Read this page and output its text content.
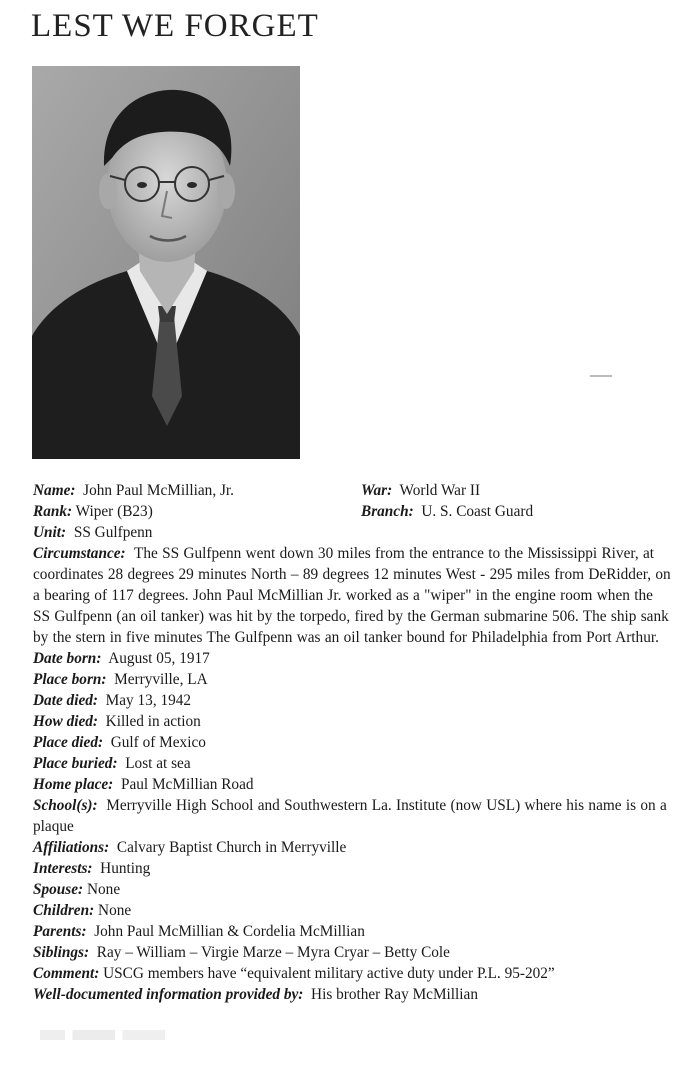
LEST WE FORGET
Name: John Paul McMillian, Jr.	War: World War II
Rank: Wiper (B23)	Branch: U. S. Coast Guard
Unit: SS Gulfpenn
Circumstance: The SS Gulfpenn went down 30 miles from the entrance to the Mississippi River, at coordinates 28 degrees 29 minutes North – 89 degrees 12 minutes West - 295 miles from DeRidder, on a bearing of 117 degrees. John Paul McMillian Jr. worked as a "wiper" in the engine room when the SS Gulfpenn (an oil tanker) was hit by the torpedo, fired by the German submarine 506. The ship sank by the stern in five minutes The Gulfpenn was an oil tanker bound for Philadelphia from Port Arthur.
Date born: August 05, 1917
Place born: Merryville, LA
Date died: May 13, 1942
How died: Killed in action
Place died: Gulf of Mexico
Place buried: Lost at sea
Home place: Paul McMillian Road
School(s): Merryville High School and Southwestern La. Institute (now USL) where his name is on a plaque
Affiliations: Calvary Baptist Church in Merryville
Interests: Hunting
Spouse: None
Children: None
Parents: John Paul McMillian & Cordelia McMillian
Siblings: Ray – William – Virgie Marze – Myra Cryar – Betty Cole
Comment: USCG members have “equivalent military active duty under P.L. 95-202”
Well-documented information provided by: His brother Ray McMillian
